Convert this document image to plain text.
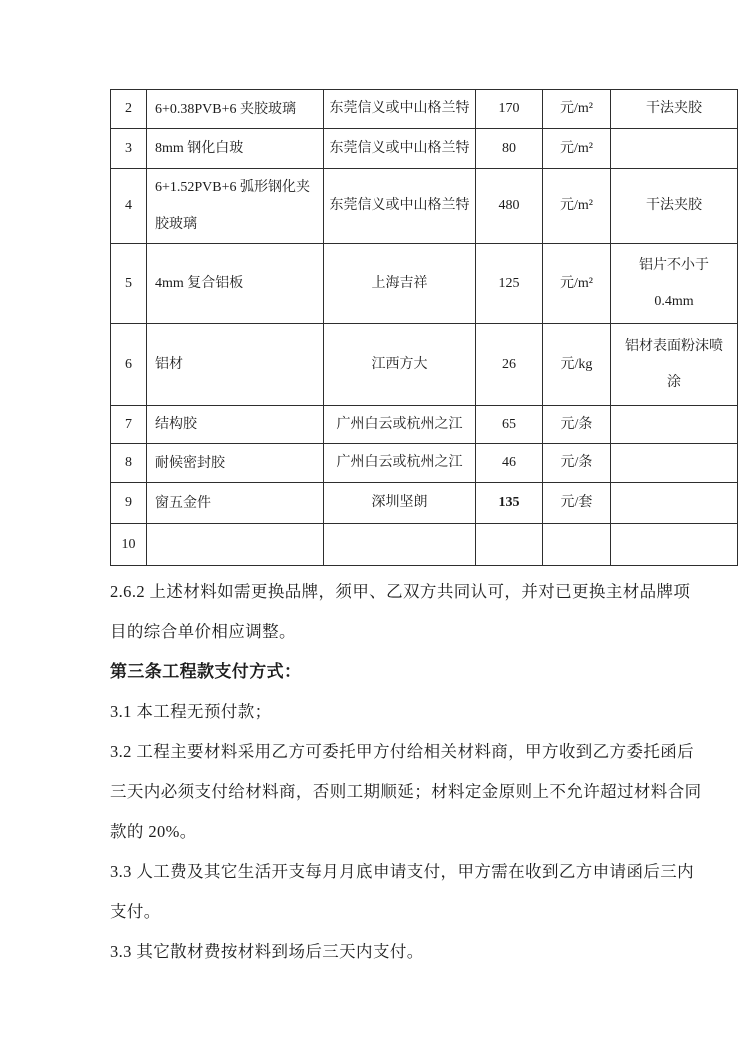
2	6+0.38PVB+6 夹胶玻璃	东莞信义或中山格兰特	170	元/m²	干法夹胶
3	8mm 钢化白玻	东莞信义或中山格兰特	80	元/m²	
4	6+1.52PVB+6 弧形钢化夹胶玻璃	东莞信义或中山格兰特	480	元/m²	干法夹胶
5	4mm 复合铝板	上海吉祥	125	元/m²	铝片不小于 0.4mm
6	铝材	江西方大	26	元/kg	铝材表面粉沫喷涂
7	结构胶	广州白云或杭州之江	65	元/条	
8	耐候密封胶	广州白云或杭州之江	46	元/条	
9	窗五金件	深圳坚朗	135	元/套	
10					
2.6.2 上述材料如需更换品牌，须甲、乙双方共同认可，并对已更换主材品牌项
目的综合单价相应调整。
第三条工程款支付方式：
3.1 本工程无预付款；
3.2 工程主要材料采用乙方可委托甲方付给相关材料商，甲方收到乙方委托函后
三天内必须支付给材料商，否则工期顺延；材料定金原则上不允许超过材料合同
款的 20%。
3.3 人工费及其它生活开支每月月底申请支付，甲方需在收到乙方申请函后三内
支付。
3.3 其它散材费按材料到场后三天内支付。
